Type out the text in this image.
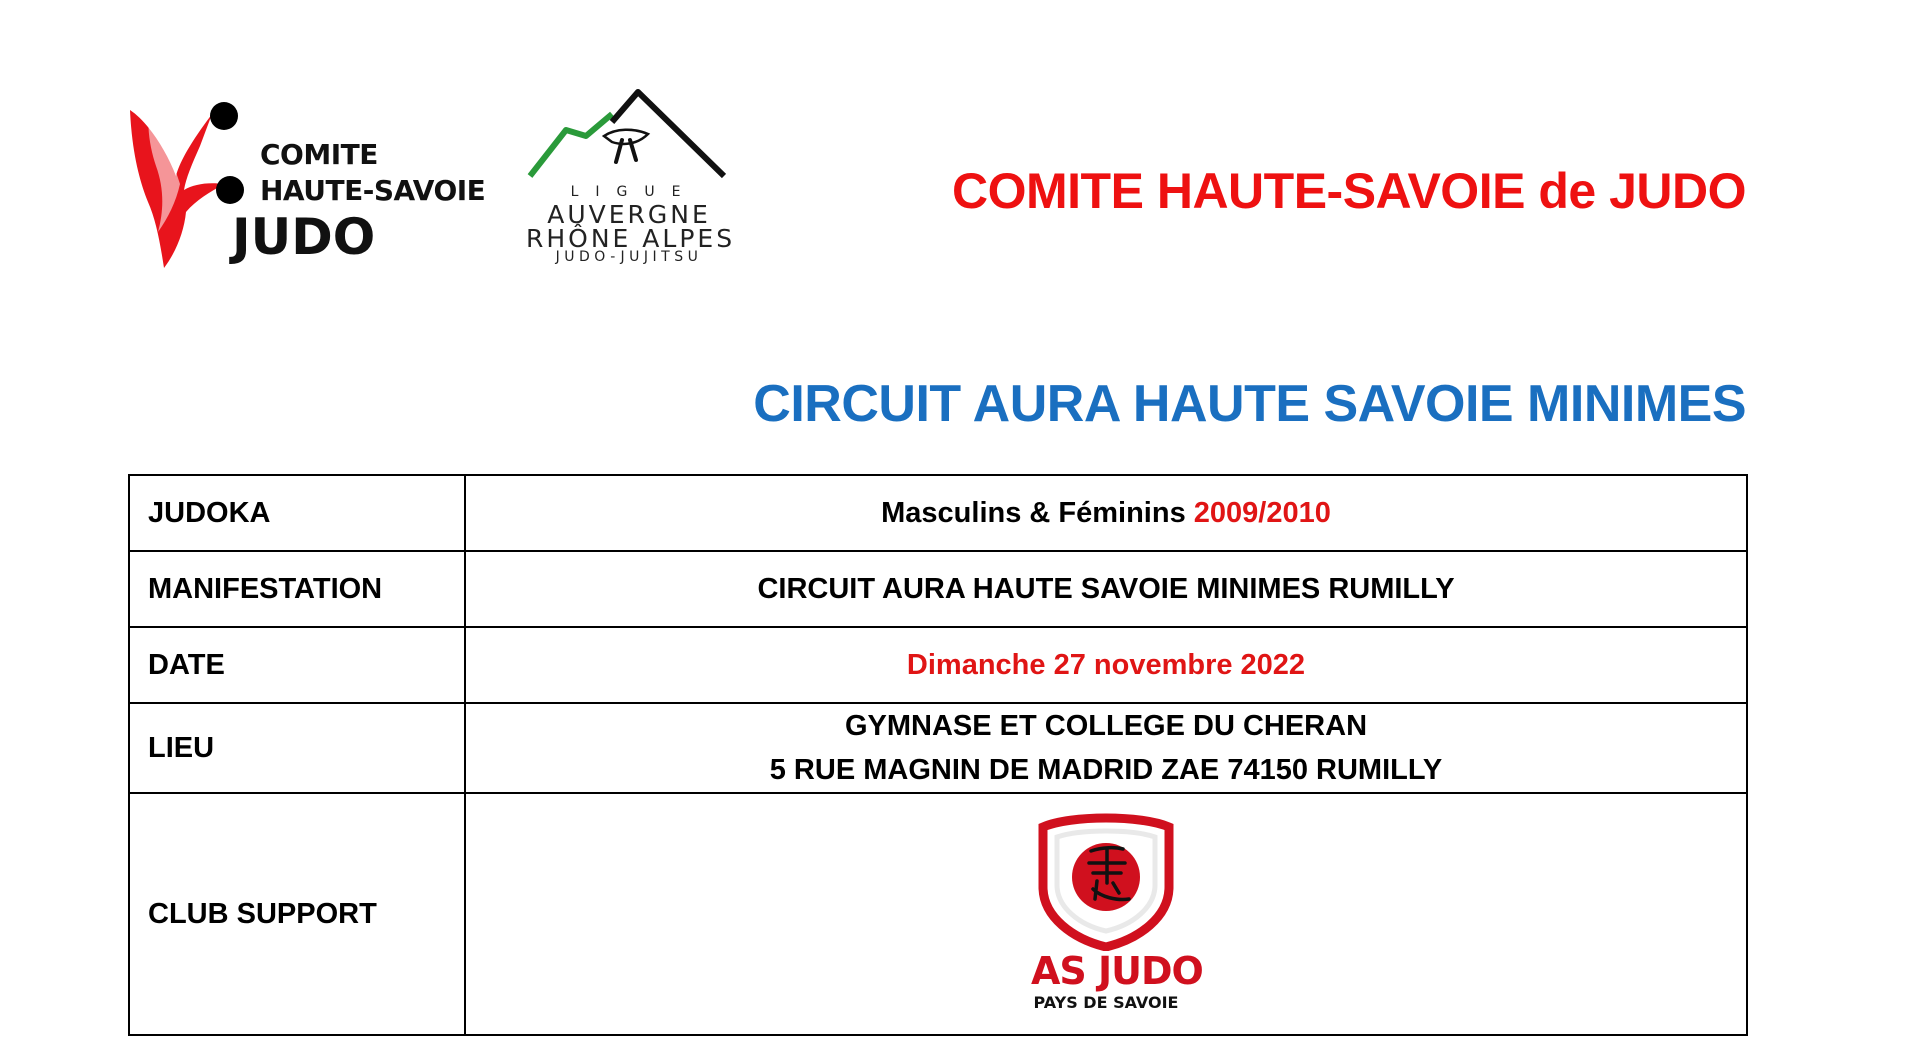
COMITE
HAUTE-SAVOIE
JUDO
LIGUE
AUVERGNE
RHÔNE ALPES
JUDO-JUJITSU
COMITE HAUTE-SAVOIE de JUDO
CIRCUIT AURA HAUTE SAVOIE MINIMES
JUDOKA	Masculins & Féminins 2009/2010
MANIFESTATION	CIRCUIT AURA HAUTE SAVOIE MINIMES RUMILLY
DATE	Dimanche 27 novembre 2022
LIEU	GYMNASE ET COLLEGE DU CHERAN
5 RUE MAGNIN DE MADRID ZAE 74150 RUMILLY

CLUB SUPPORT	AS JUDO
PAYS DE SAVOIE
